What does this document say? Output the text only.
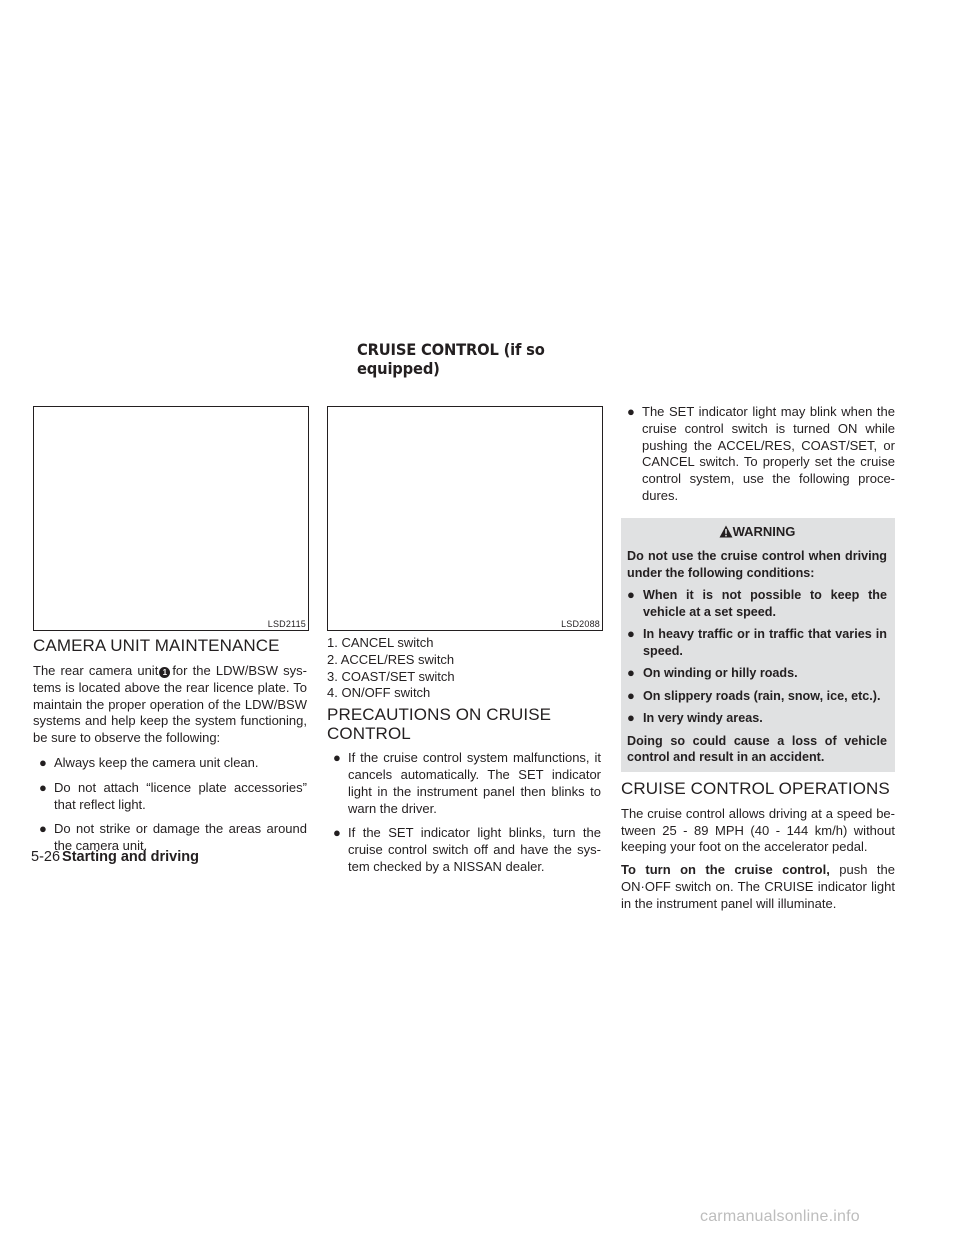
CRUISE CONTROL (if so equipped)
LSD2115	LSD2088
CAMERA UNIT MAINTENANCE

The rear camera unit 1 for the LDW/BSW sys-tems is located above the rear licence plate. To maintain the proper operation of the LDW/BSW systems and help keep the system functioning, be sure to observe the following:

● Always keep the camera unit clean.
● Do not attach “licence plate accessories” that reflect light.
● Do not strike or damage the areas around the camera unit.
1. CANCEL switch
2. ACCEL/RES switch
3. COAST/SET switch
4. ON/OFF switch
PRECAUTIONS ON CRUISE CONTROL
● If the cruise control system malfunctions, it cancels automatically. The SET indicator light in the instrument panel then blinks to warn the driver.
● If the SET indicator light blinks, turn the cruise control switch off and have the sys-tem checked by a NISSAN dealer.
● The SET indicator light may blink when the cruise control switch is turned ON while pushing the ACCEL/RES, COAST/SET, or CANCEL switch. To properly set the cruise control system, use the following proce-dures.
WARNING

Do not use the cruise control when driving under the following conditions:

● When it is not possible to keep the vehicle at a set speed.
● In heavy traffic or in traffic that varies in speed.
● On winding or hilly roads.
● On slippery roads (rain, snow, ice, etc.).
● In very windy areas.

Doing so could cause a loss of vehicle control and result in an accident.

CRUISE CONTROL OPERATIONS

The cruise control allows driving at a speed be-tween 25 - 89 MPH (40 - 144 km/h) without keeping your foot on the accelerator pedal.

To turn on the cruise control, push the ON·OFF switch on. The CRUISE indicator light in the instrument panel will illuminate.

5-26 Starting and driving
carmanualsonline.info
